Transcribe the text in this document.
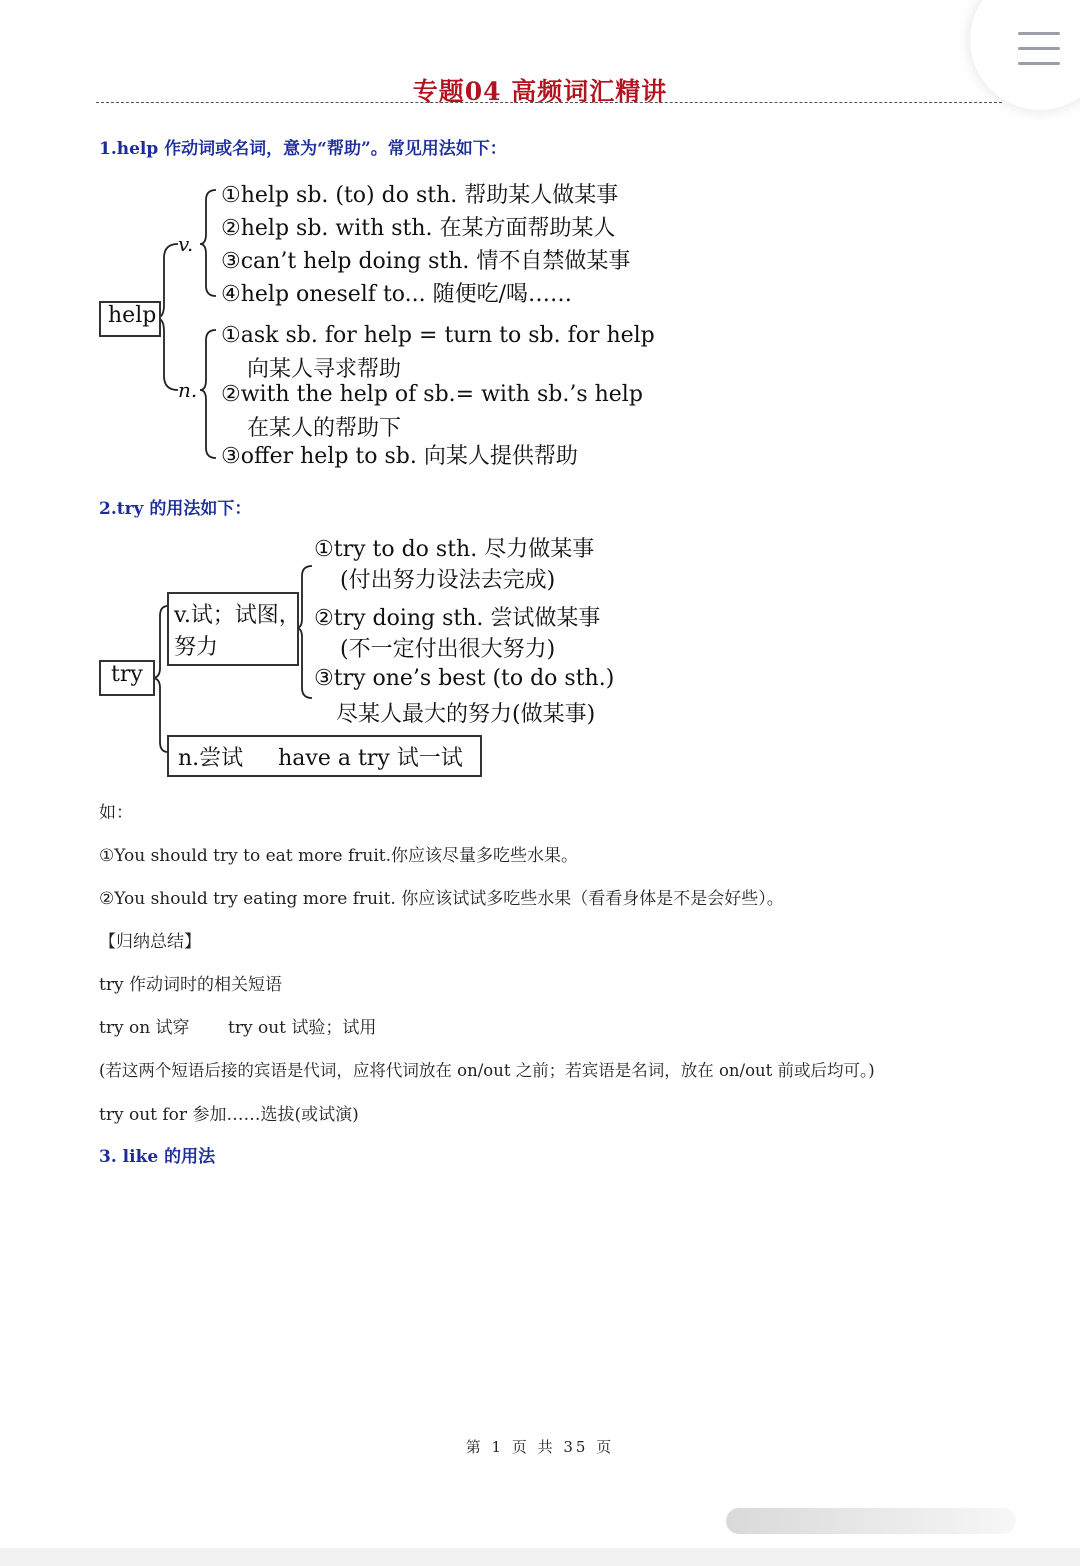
专题04 高频词汇精讲
1.help 作动词或名词，意为“帮助”。常见用法如下：
help
v.
n.
①help sb. (to) do sth. 帮助某人做某事
②help sb. with sth. 在某方面帮助某人
③can’t help doing sth. 情不自禁做某事
④help oneself to... 随便吃/喝……
①ask sb. for help = turn to sb. for help
向某人寻求帮助
②with the help of sb.= with sb.’s help
在某人的帮助下
③offer help to sb. 向某人提供帮助
2.try 的用法如下：
try
v.试；试图，
努力
①try to do sth. 尽力做某事
(付出努力设法去完成)
②try doing sth. 尝试做某事
(不一定付出很大努力)
③try one’s best (to do sth.)
尽某人最大的努力(做某事)
n.尝试     have a try 试一试
如：
①You should try to eat more fruit.你应该尽量多吃些水果。
②You should try eating more fruit. 你应该试试多吃些水果（看看身体是不是会好些）。
【归纳总结】
try 作动词时的相关短语
try on 试穿 try out 试验；试用
(若这两个短语后接的宾语是代词，应将代词放在 on/out 之前；若宾语是名词，放在 on/out 前或后均可。)
try out for 参加……选拔(或试演)
3. like 的用法
第 1 页 共 35 页
